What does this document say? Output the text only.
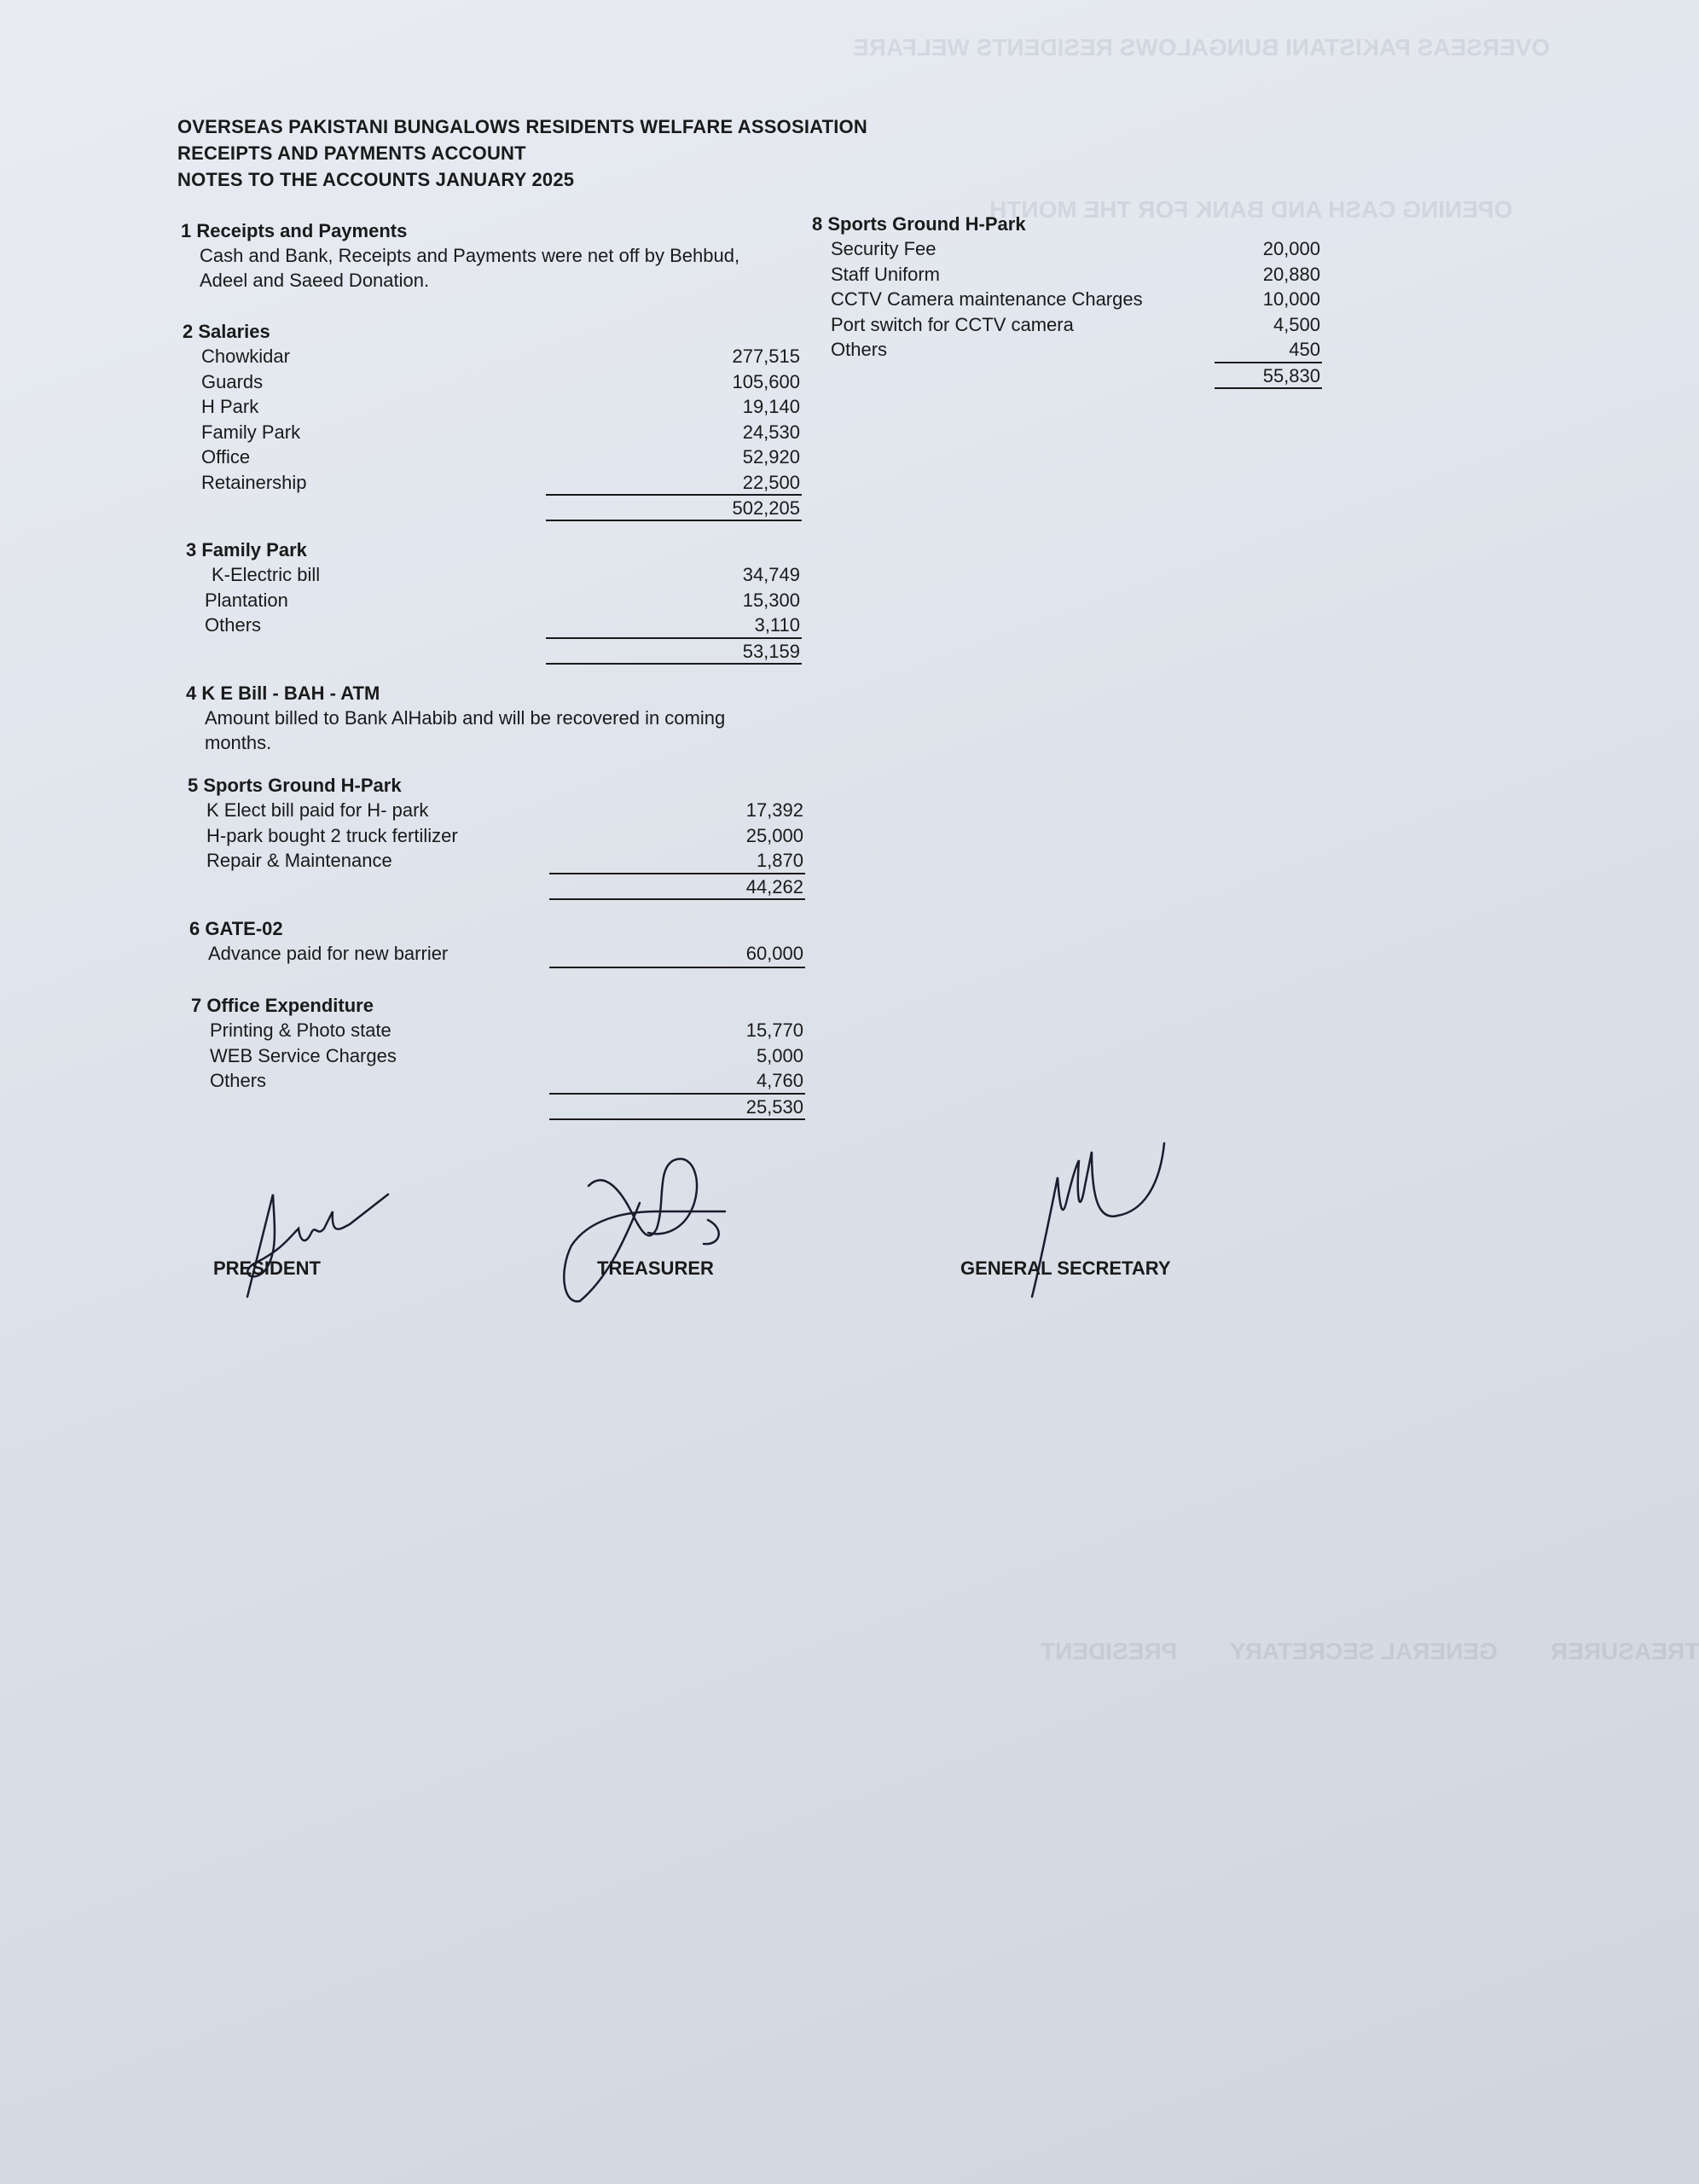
OVERSEAS PAKISTANI BUNGALOWS RESIDENTS WELFARE
OPENING CASH AND BANK FOR THE MONTH
TREASURER        GENERAL SECRETARY        PRESIDENT
OVERSEAS PAKISTANI BUNGALOWS RESIDENTS WELFARE ASSOSIATION
RECEIPTS AND PAYMENTS ACCOUNT
NOTES TO THE ACCOUNTS JANUARY 2025
1 Receipts and Payments
Cash and Bank, Receipts and Payments were net off by Behbud,
Adeel and Saeed Donation.
2 Salaries
Chowkidar	277,515
Guards	105,600
H Park	19,140
Family Park	24,530
Office	52,920
Retainership	22,500
502,205
3 Family Park
K-Electric bill	34,749
Plantation	15,300
Others	3,110
53,159
4 K E Bill - BAH - ATM
Amount billed to Bank AlHabib and will be recovered in coming
months.
5 Sports Ground H-Park
K Elect bill paid for H- park	17,392
H-park bought 2 truck fertilizer	25,000
Repair & Maintenance	1,870
44,262
6 GATE-02
Advance paid for new barrier	60,000
7 Office Expenditure
Printing & Photo state	15,770
WEB Service Charges	5,000
Others	4,760
25,530
8 Sports Ground H-Park
Security Fee	20,000
Staff Uniform	20,880
CCTV Camera maintenance Charges	10,000
Port switch for CCTV camera	4,500
Others	450
55,830
PRESIDENT	TREASURER	GENERAL SECRETARY
